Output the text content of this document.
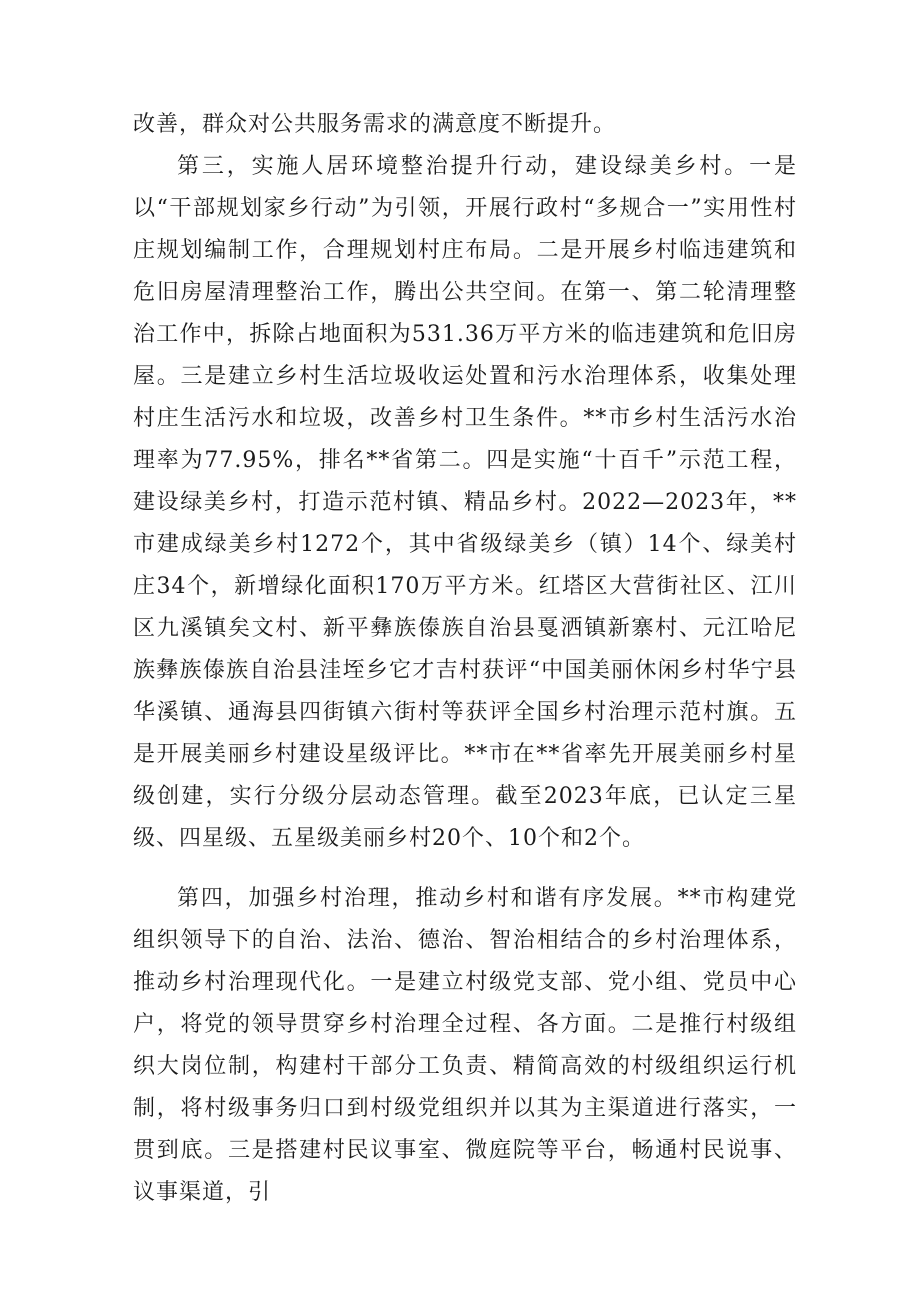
改善，群众对公共服务需求的满意度不断提升。

第三，实施人居环境整治提升行动，建设绿美乡村。一是以“干部规划家乡行动”为引领，开展行政村“多规合一”实用性村庄规划编制工作，合理规划村庄布局。二是开展乡村临违建筑和危旧房屋清理整治工作，腾出公共空间。在第一、第二轮清理整治工作中，拆除占地面积为531.36万平方米的临违建筑和危旧房屋。三是建立乡村生活垃圾收运处置和污水治理体系，收集处理村庄生活污水和垃圾，改善乡村卫生条件。**市乡村生活污水治理率为77.95%，排名**省第二。四是实施“十百千”示范工程，建设绿美乡村，打造示范村镇、精品乡村。2022—2023年，**市建成绿美乡村1272个，其中省级绿美乡（镇）14个、绿美村庄34个，新增绿化面积170万平方米。红塔区大营街社区、江川区九溪镇矣文村、新平彝族傣族自治县戛洒镇新寨村、元江哈尼族彝族傣族自治县洼垤乡它才吉村获评“中国美丽休闲乡村华宁县华溪镇、通海县四街镇六街村等获评全国乡村治理示范村旗。五是开展美丽乡村建设星级评比。**市在**省率先开展美丽乡村星级创建，实行分级分层动态管理。截至2023年底，已认定三星级、四星级、五星级美丽乡村20个、10个和2个。

第四，加强乡村治理，推动乡村和谐有序发展。**市构建党组织领导下的自治、法治、德治、智治相结合的乡村治理体系，推动乡村治理现代化。一是建立村级党支部、党小组、党员中心户，将党的领导贯穿乡村治理全过程、各方面。二是推行村级组织大岗位制，构建村干部分工负责、精简高效的村级组织运行机制，将村级事务归口到村级党组织并以其为主渠道进行落实，一贯到底。三是搭建村民议事室、微庭院等平台，畅通村民说事、议事渠道，引
